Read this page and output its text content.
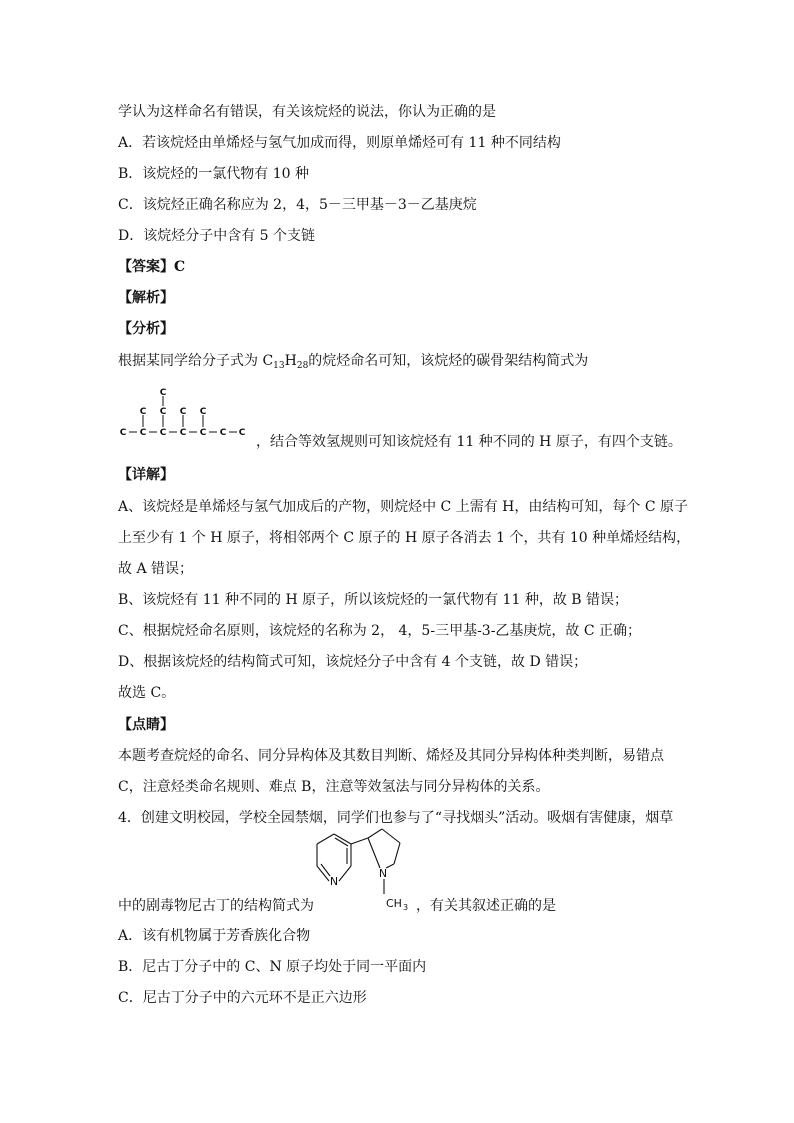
学认为这样命名有错误，有关该烷烃的说法，你认为正确的是
A．若该烷烃由单烯烃与氢气加成而得，则原单烯烃可有 11 种不同结构
B．该烷烃的一氯代物有 10 种
C．该烷烃正确名称应为 2，4，5－三甲基－3－乙基庚烷
D．该烷烃分子中含有 5 个支链
【答案】C
【解析】
【分析】
根据某同学给分子式为 $C_{13}H_{28}$的烷烃命名可知，该烷烃的碳骨架结构简式为
C C C C C C C
C C C C
C
，结合等效氢规则可知该烷烃有 11 种不同的 H 原子，有四个支链。
【详解】
A、该烷烃是单烯烃与氢气加成后的产物，则烷烃中 C 上需有 H，由结构可知，每个 C 原子
上至少有 1 个 H 原子，将相邻两个 C 原子的 H 原子各消去 1 个，共有 10 种单烯烃结构，
故 A 错误；
B、该烷烃有 11 种不同的 H 原子，所以该烷烃的一氯代物有 11 种，故 B 错误；
C、根据烷烃命名原则，该烷烃的名称为 2， 4，5-三甲基-3-乙基庚烷，故 C 正确；
D、根据该烷烃的结构简式可知，该烷烃分子中含有 4 个支链，故 D 错误；
故选 C。
【点睛】
本题考查烷烃的命名、同分异构体及其数目判断、烯烃及其同分异构体种类判断，易错点
C，注意烃类命名规则、难点 B，注意等效氢法与同分异构体的关系。
4．创建文明校园，学校全园禁烟，同学们也参与了“寻找烟头”活动。吸烟有害健康，烟草
N
N
CH 3
中的剧毒物尼古丁的结构简式为	，有关其叙述正确的是
A．该有机物属于芳香族化合物
B．尼古丁分子中的 C、N 原子均处于同一平面内
C．尼古丁分子中的六元环不是正六边形
